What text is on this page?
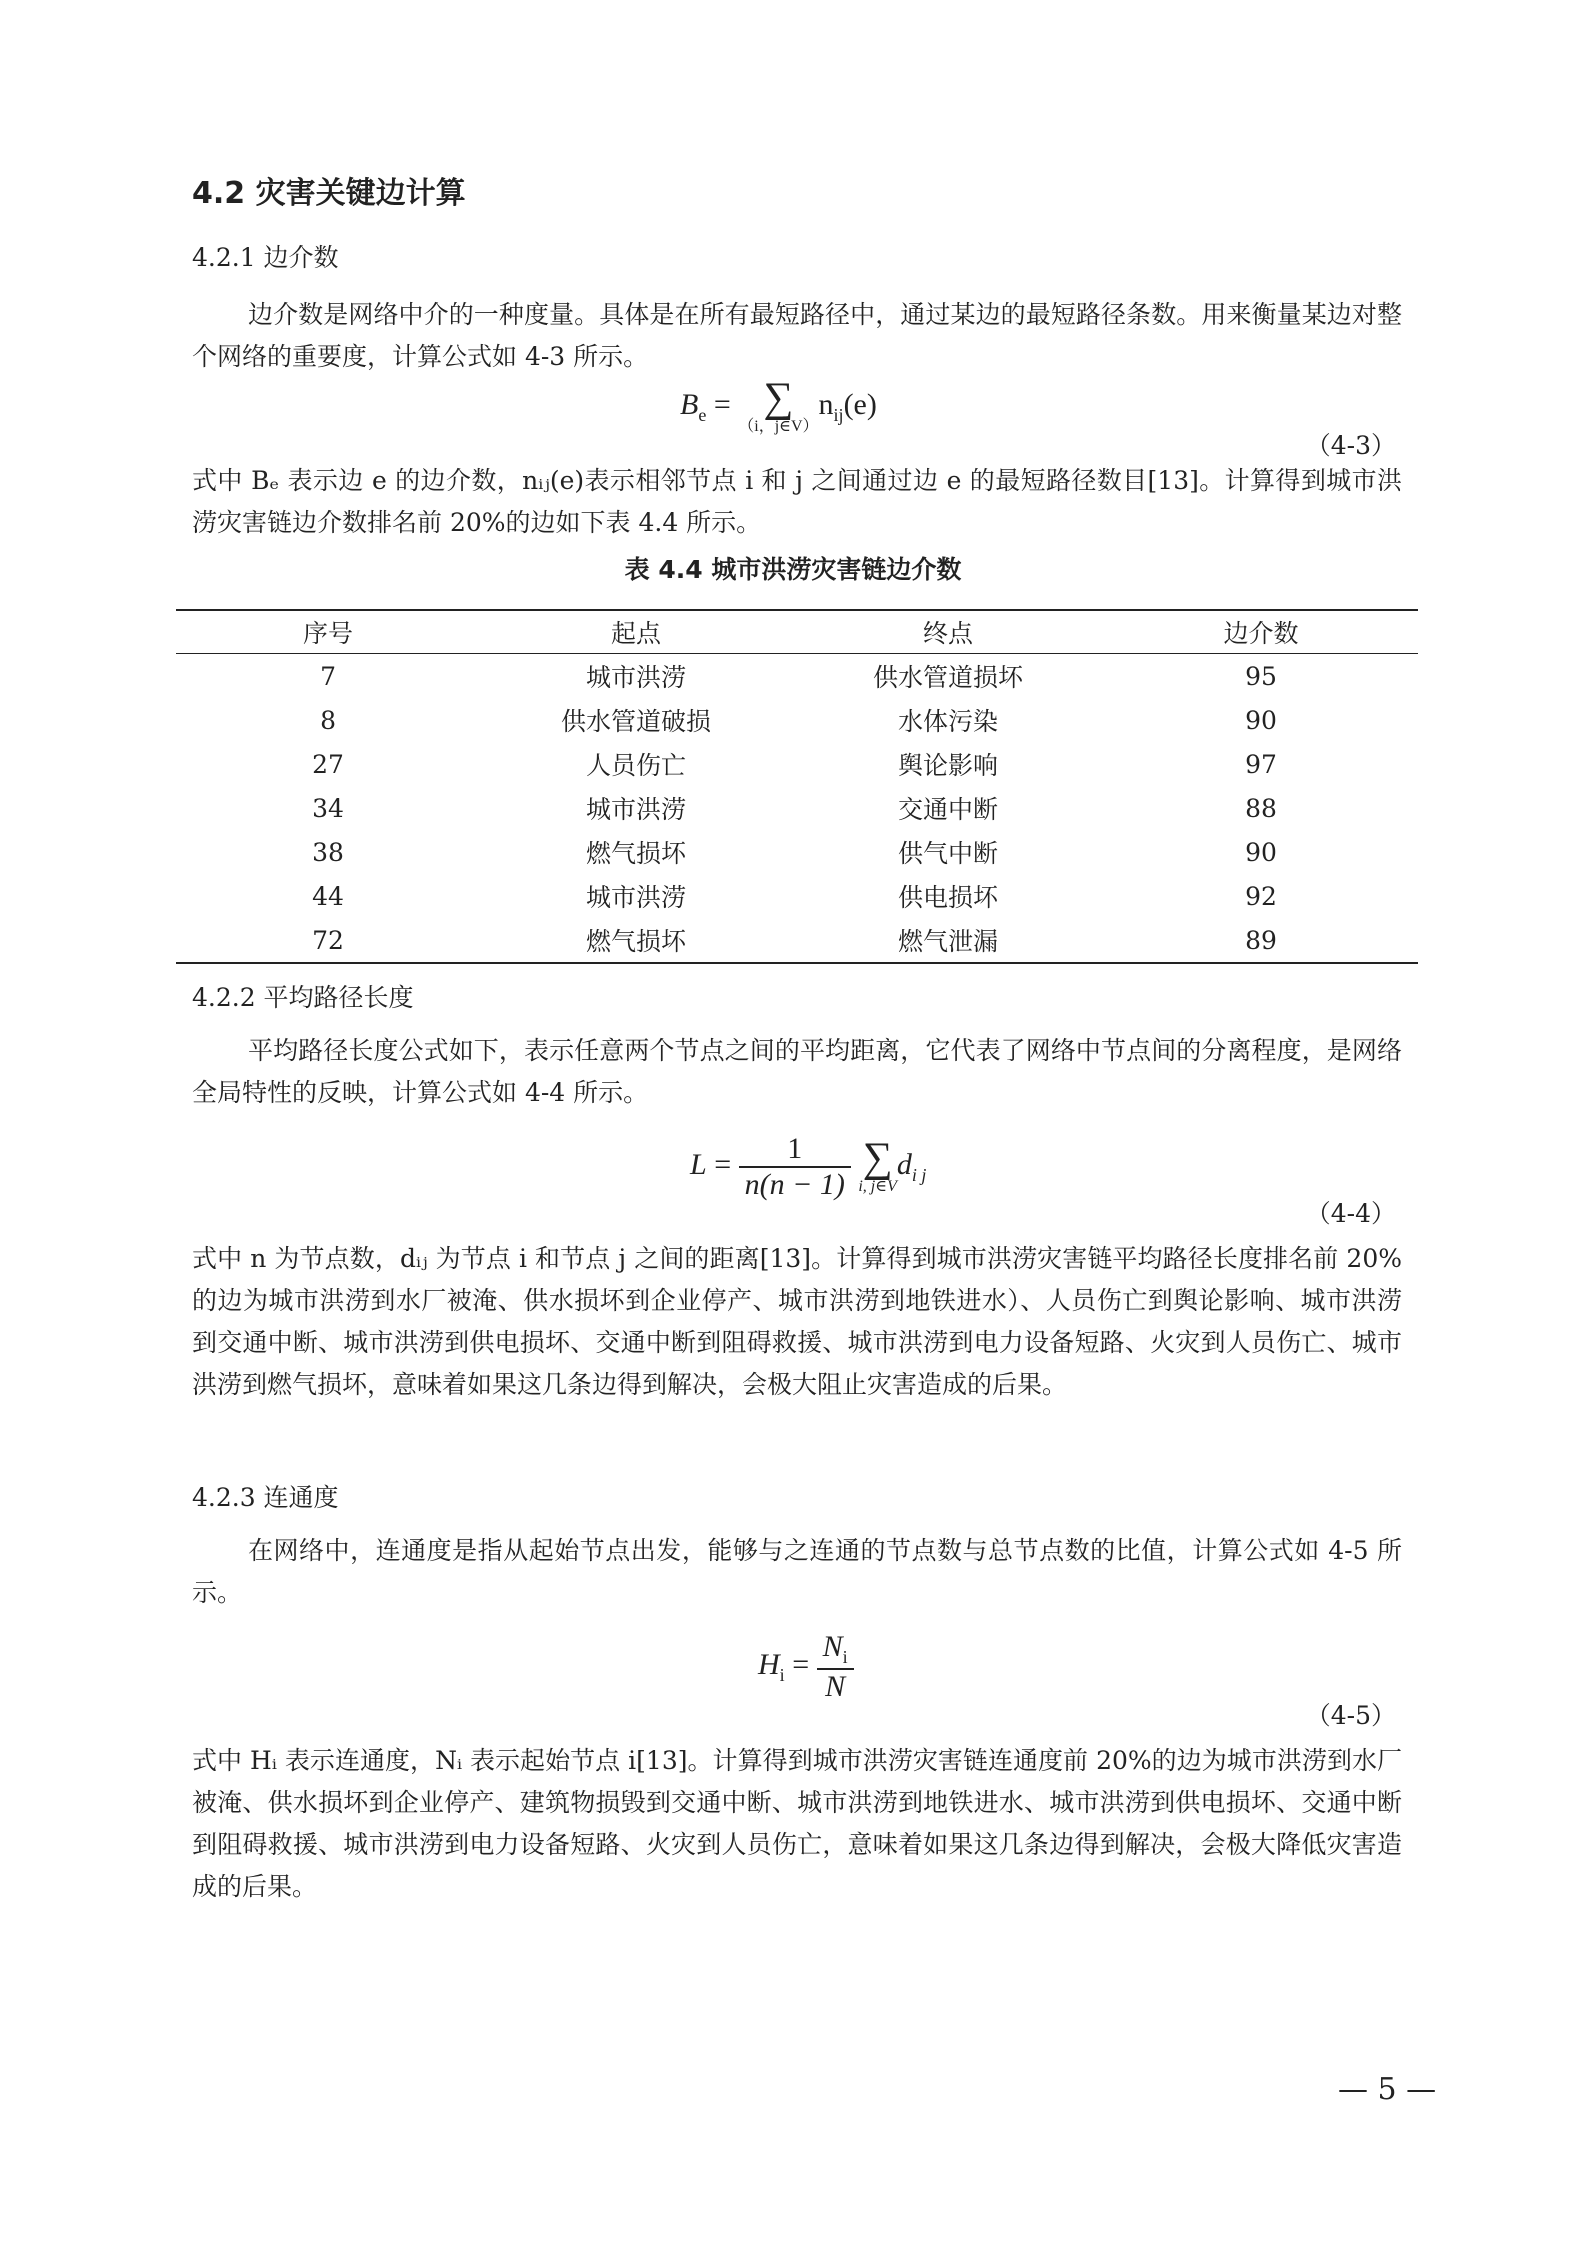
4.2 灾害关键边计算
4.2.1 边介数
边介数是网络中介的一种度量。具体是在所有最短路径中，通过某边的最短路径条数。用来衡量某边对整个网络的重要度，计算公式如 4-3 所示。
$B_e$ = ∑
（i，j∈V）
$n_{ij}(e)$
（4-3）
式中 Bₑ 表示边 e 的边介数，nᵢⱼ(e)表示相邻节点 i 和 j 之间通过边 e 的最短路径数目[13]。计算得到城市洪涝灾害链边介数排名前 20%的边如下表 4.4 所示。
表 4.4 城市洪涝灾害链边介数
序号	起点	终点	边介数
7	城市洪涝	供水管道损坏	95
8	供水管道破损	水体污染	90
27	人员伤亡	舆论影响	97
34	城市洪涝	交通中断	88
38	燃气损坏	供气中断	90
44	城市洪涝	供电损坏	92
72	燃气损坏	燃气泄漏	89
4.2.2 平均路径长度
平均路径长度公式如下，表示任意两个节点之间的平均距离，它代表了网络中节点间的分离程度，是网络全局特性的反映，计算公式如 4-4 所示。
$L = \frac{1}{n(n - 1)}$
∑
i, j∈V
$d_{i j}$
（4-4）
式中 n 为节点数，dᵢⱼ 为节点 i 和节点 j 之间的距离[13]。计算得到城市洪涝灾害链平均路径长度排名前 20%的边为城市洪涝到水厂被淹、供水损坏到企业停产、城市洪涝到地铁进水）、人员伤亡到舆论影响、城市洪涝到交通中断、城市洪涝到供电损坏、交通中断到阻碍救援、城市洪涝到电力设备短路、火灾到人员伤亡、城市洪涝到燃气损坏，意味着如果这几条边得到解决，会极大阻止灾害造成的后果。
4.2.3 连通度
在网络中，连通度是指从起始节点出发，能够与之连通的节点数与总节点数的比值，计算公式如 4-5 所示。
$H_i = \frac{N_i}{N}$
（4-5）
式中 Hᵢ 表示连通度，Nᵢ 表示起始节点 i[13]。计算得到城市洪涝灾害链连通度前 20%的边为城市洪涝到水厂被淹、供水损坏到企业停产、建筑物损毁到交通中断、城市洪涝到地铁进水、城市洪涝到供电损坏、交通中断到阻碍救援、城市洪涝到电力设备短路、火灾到人员伤亡，意味着如果这几条边得到解决，会极大降低灾害造成的后果。
— 5 —
